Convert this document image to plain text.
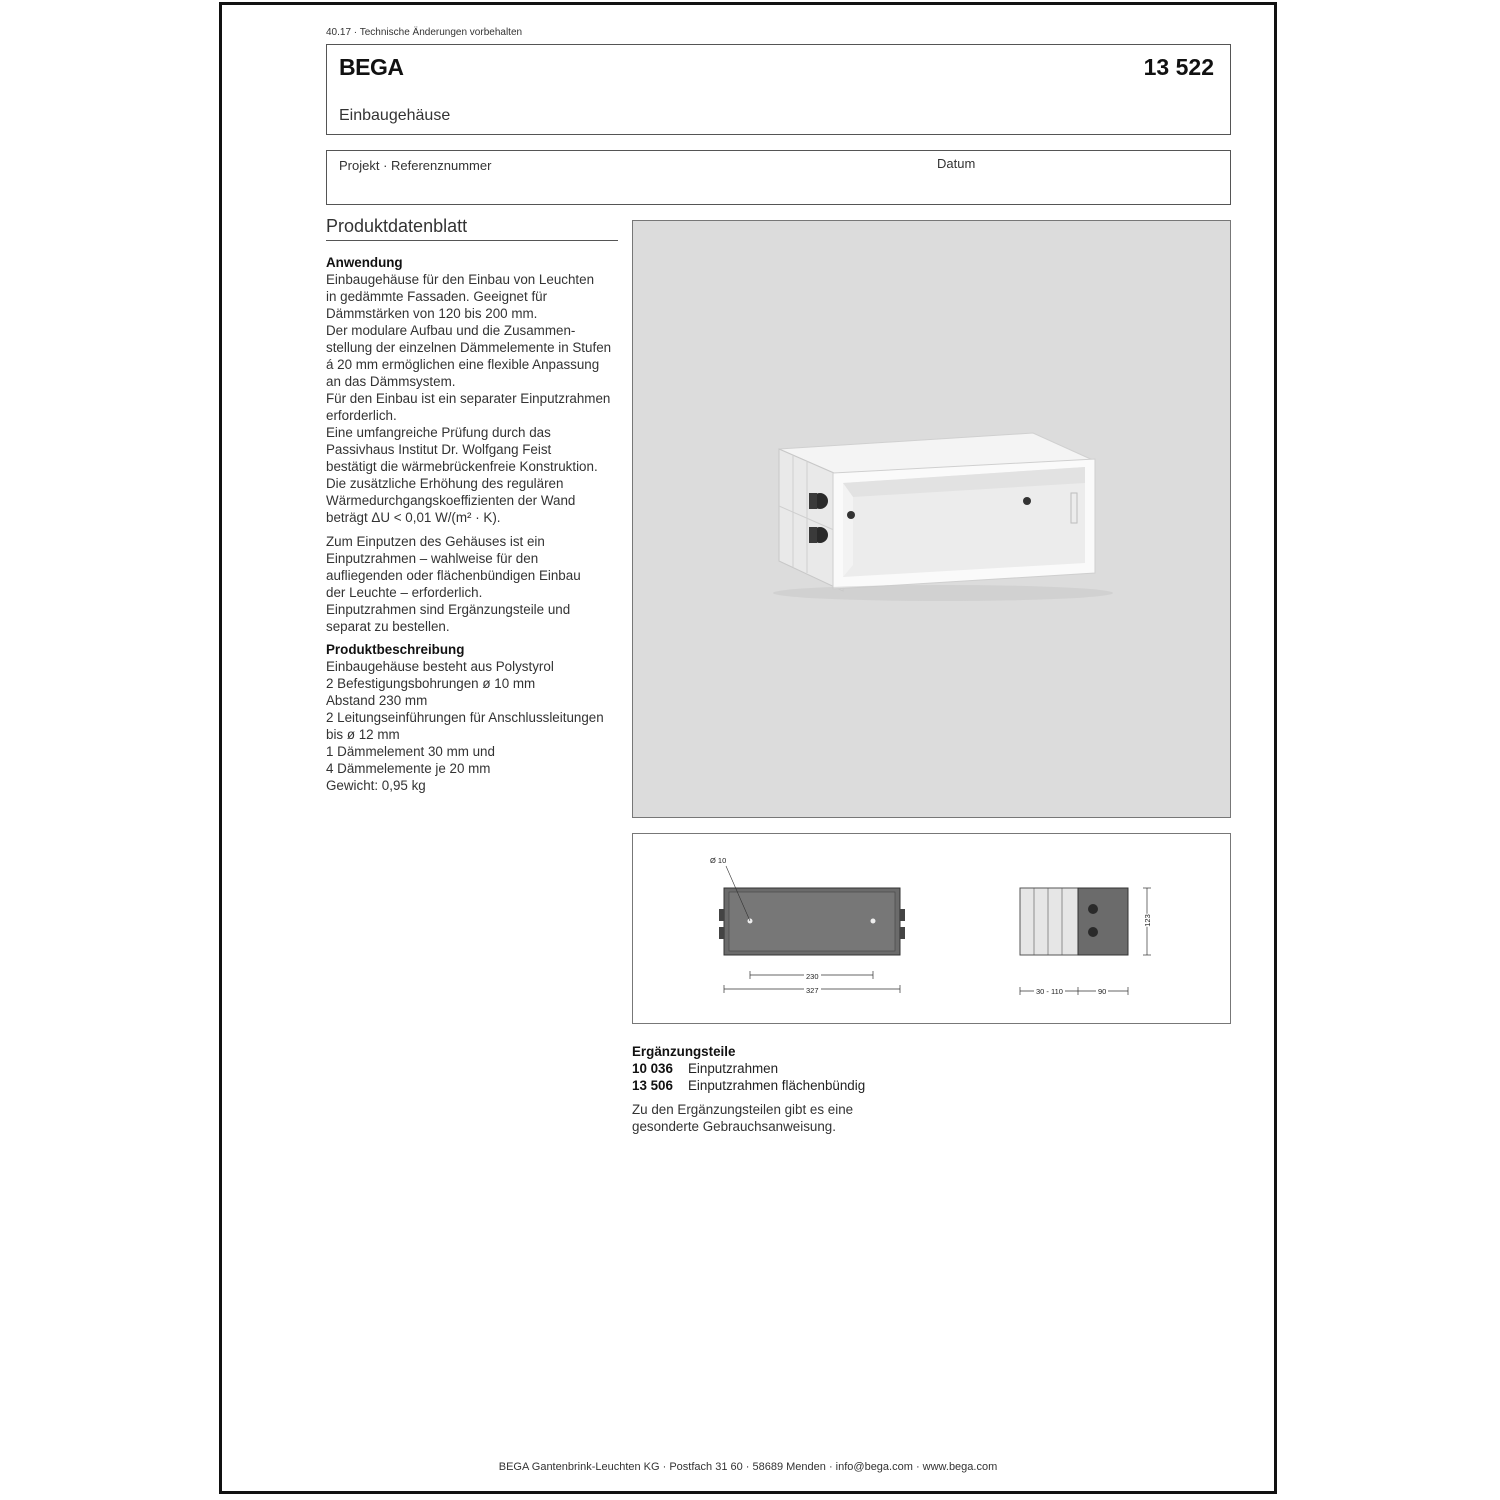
40.17 · Technische Änderungen vorbehalten
BEGA	13 522
Einbaugehäuse
Projekt · Referenznummer	Datum
Produktdatenblatt
Anwendung
Einbaugehäuse für den Einbau von Leuchten
in gedämmte Fassaden. Geeignet für
Dämmstärken von 120 bis 200 mm.
Der modulare Aufbau und die Zusammen-
stellung der einzelnen Dämmelemente in Stufen
á 20 mm ermöglichen eine flexible Anpassung
an das Dämmsystem.
Für den Einbau ist ein separater Einputzrahmen
erforderlich.
Eine umfangreiche Prüfung durch das
Passivhaus Institut Dr. Wolfgang Feist
bestätigt die wärmebrückenfreie Konstruktion.
Die zusätzliche Erhöhung des regulären
Wärmedurchgangskoeffizienten der Wand
beträgt ΔU < 0,01 W/(m² · K).
Zum Einputzen des Gehäuses ist ein
Einputzrahmen – wahlweise für den
aufliegenden oder flächenbündigen Einbau
der Leuchte – erforderlich.
Einputzrahmen sind Ergänzungsteile und
separat zu bestellen.
Produktbeschreibung
Einbaugehäuse besteht aus Polystyrol
2 Befestigungsbohrungen ø 10 mm
Abstand 230 mm
2 Leitungseinführungen für Anschlussleitungen
bis ø 12 mm
1 Dämmelement 30 mm und
4 Dämmelemente je 20 mm
Gewicht: 0,95 kg
Ø 10
230
327
123
30 - 110	90
Ergänzungsteile
10 036	Einputzrahmen
13 506	Einputzrahmen flächenbündig
Zu den Ergänzungsteilen gibt es eine
gesonderte Gebrauchsanweisung.
BEGA Gantenbrink-Leuchten KG · Postfach 31 60 · 58689 Menden · info@bega.com · www.bega.com
